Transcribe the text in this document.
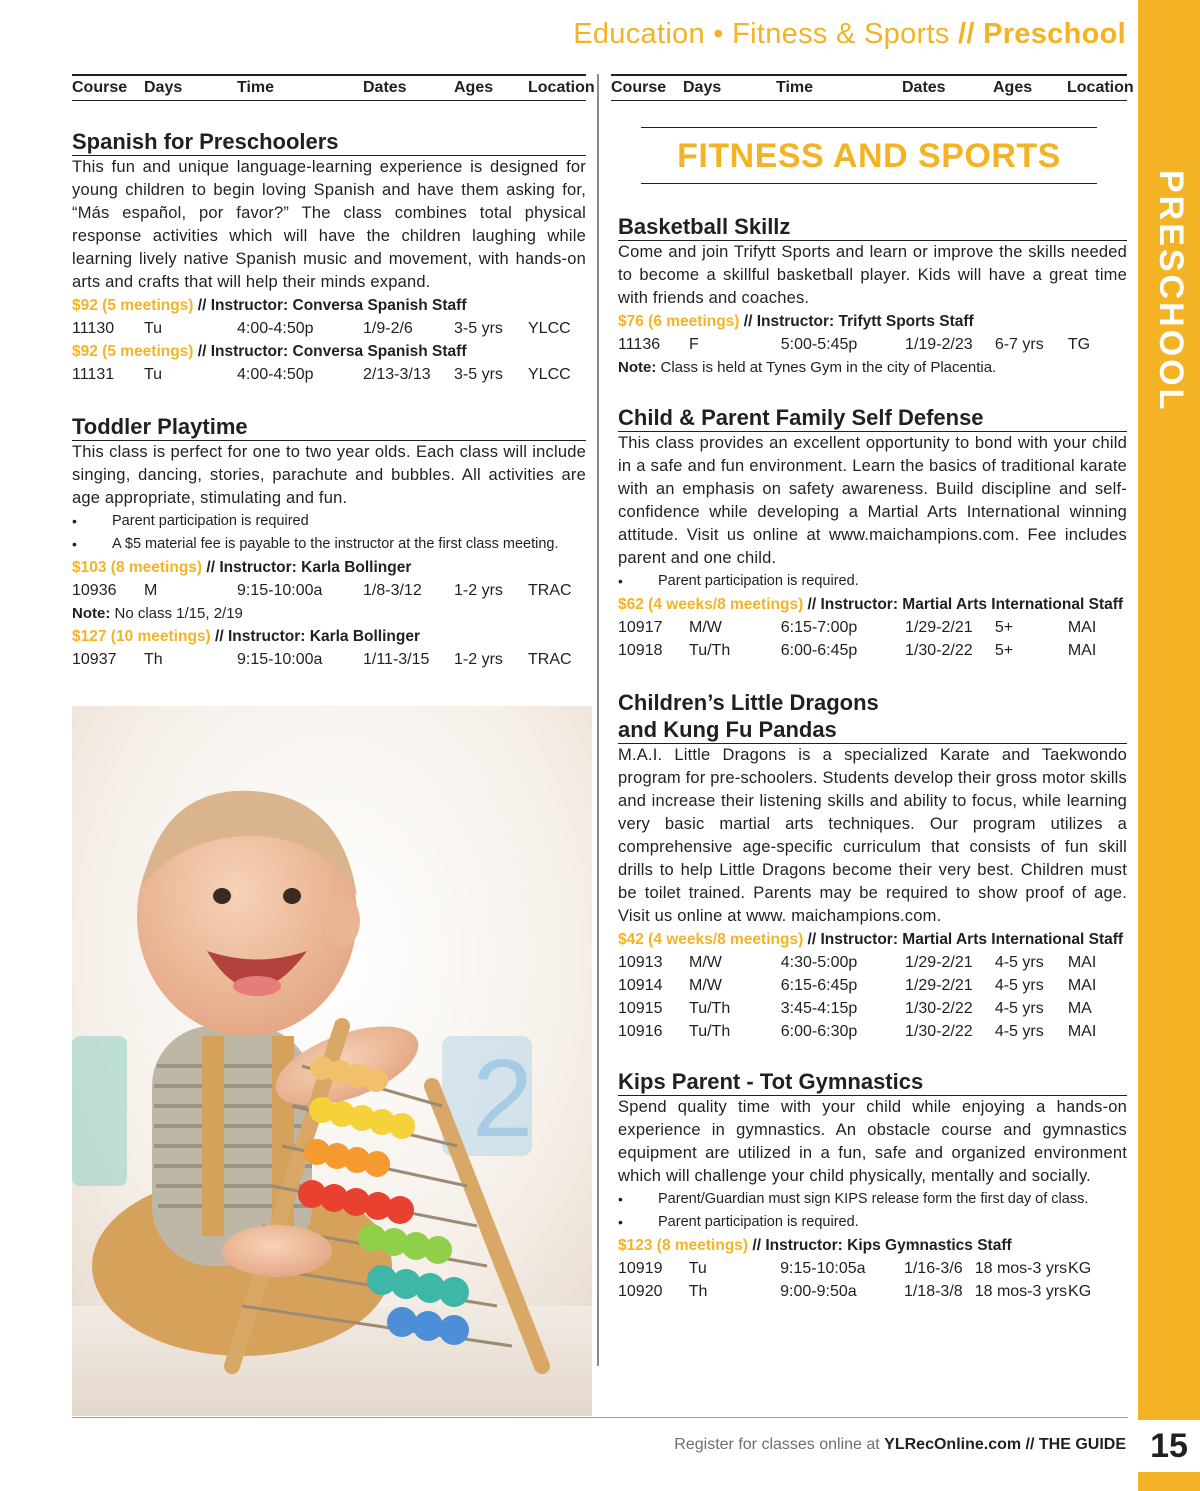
Education • Fitness & Sports // Preschool
PRESCHOOL
Course	Days	Time	Dates	Ages	Location
Spanish for Preschoolers
This fun and unique language-learning experience is designed for young children to begin loving Spanish and have them asking for, “Más español, por favor?” The class combines total physical response activities which will have the children laughing while learning lively native Spanish music and movement, with hands-on arts and crafts that will help their minds expand.
$92 (5 meetings) // Instructor: Conversa Spanish Staff
11130	Tu	4:00-4:50p	1/9-2/6	3-5 yrs	YLCC
$92 (5 meetings) // Instructor: Conversa Spanish Staff
11131	Tu	4:00-4:50p	2/13-3/13	3-5 yrs	YLCC
Toddler Playtime
This class is perfect for one to two year olds. Each class will include singing, dancing, stories, parachute and bubbles. All activities are age appropriate, stimulating and fun.
•	Parent participation is required
•	A $5 material fee is payable to the instructor at the first class meeting.
$103 (8 meetings) // Instructor: Karla Bollinger
10936	M	9:15-10:00a	1/8-3/12	1-2 yrs	TRAC
Note: No class 1/15, 2/19
$127 (10 meetings) // Instructor: Karla Bollinger
10937	Th	9:15-10:00a	1/11-3/15	1-2 yrs	TRAC
2
Course	Days	Time	Dates	Ages	Location
FITNESS AND SPORTS
Basketball Skillz
Come and join Trifytt Sports and learn or improve the skills needed to become a skillful basketball player. Kids will have a great time with friends and coaches.
$76 (6 meetings) // Instructor: Trifytt Sports Staff
11136	F	5:00-5:45p	1/19-2/23	6-7 yrs	TG
Note: Class is held at Tynes Gym in the city of Placentia.
Child & Parent Family Self Defense
This class provides an excellent opportunity to bond with your child in a safe and fun environment. Learn the basics of traditional karate with an emphasis on safety awareness. Build discipline and self-confidence while developing a Martial Arts International winning attitude. Visit us online at www.maichampions.com. Fee includes parent and one child.
•	Parent participation is required.
$62 (4 weeks/8 meetings) // Instructor: Martial Arts International Staff
10917	M/W	6:15-7:00p	1/29-2/21	5+	MAI
10918	Tu/Th	6:00-6:45p	1/30-2/22	5+	MAI
Children’s Little Dragons
and Kung Fu Pandas
M.A.I. Little Dragons is a specialized Karate and Taekwondo program for pre-schoolers. Students develop their gross motor skills and increase their listening skills and ability to focus, while learning very basic martial arts techniques. Our program utilizes a comprehensive age-specific curriculum that consists of fun skill drills to help Little Dragons become their very best. Children must be toilet trained. Parents may be required to show proof of age. Visit us online at www. maichampions.com.
$42 (4 weeks/8 meetings) // Instructor: Martial Arts International Staff
10913	M/W	4:30-5:00p	1/29-2/21	4-5 yrs	MAI
10914	M/W	6:15-6:45p	1/29-2/21	4-5 yrs	MAI
10915	Tu/Th	3:45-4:15p	1/30-2/22	4-5 yrs	MA
10916	Tu/Th	6:00-6:30p	1/30-2/22	4-5 yrs	MAI
Kips Parent - Tot Gymnastics
Spend quality time with your child while enjoying a hands-on experience in gymnastics. An obstacle course and gymnastics equipment are utilized in a fun, safe and organized environment which will challenge your child physically, mentally and socially.
•	Parent/Guardian must sign KIPS release form the first day of class.
•	Parent participation is required.
$123 (8 meetings) // Instructor: Kips Gymnastics Staff
10919	Tu	9:15-10:05a	1/16-3/6 18 mos-3 yrs KG
10920	Th	9:00-9:50a	1/18-3/8 18 mos-3 yrs KG
Register for classes online at YLRecOnline.com // THE GUIDE 15
